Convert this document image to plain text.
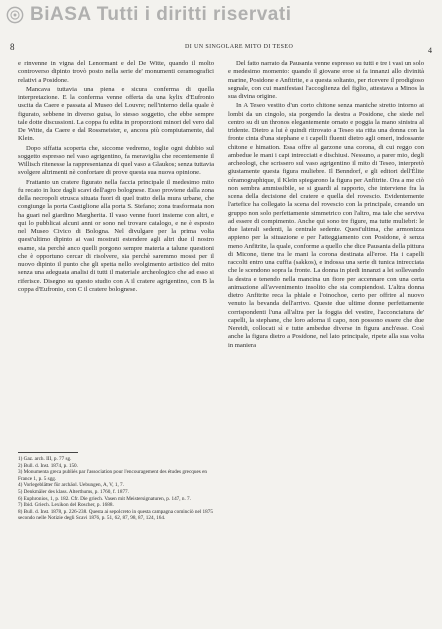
BiASA Tutti i diritti riservati
8	DI UN SINGOLARE MITO DI TESEO	4

e rinvenne in vigna del Lenormant e del De Witte, quando il molto controverso dipinto trovò posto nella serie de' monumenti ceramografici relativi a Posidone.

Mancava tuttavia una piena e sicura conferma di quella interpretazione. E la conferma venne offerta da una kylix d'Eufronio uscita da Caere e passata al Museo del Louvre; nell'interno della quale è figurato, sebbene in diverso guisa, lo stesso soggetto, che ebbe sempre tale dotte discussioni. La coppa fu edita in proporzioni minori del vero dal De Witte, da Caere e dal Rossmeister, e, ancora più compiutamente, dal Klein.

Dopo siffatta scoperta che, siccome vedremo, toglie ogni dubbio sul soggetto espresso nel vaso agrigentino, fa meraviglia che recentemente il Willisch ritenesse la rappresentanza di quel vaso a Glaukos; senza tuttavia svolgere altrimenti nè confortare di prove questa sua nuova opinione.

Frattanto un cratere figurato nella faccia principale il medesimo mito fu recato in luce dagli scavi dell'agro bolognese. Esso proviene dalla zona della necropoli etrusca situata fuori di quel tratto della mura urbane, che congiunge la porta Castiglione alla porta S. Stefano; zona trasformata non ha guari nel giardino Margherita. Il vaso venne fuori insieme con altri, e qui lo pubblicai alcuni anni or sono nel trovare catalogo, e ne è esposto nel Museo Civico di Bologna. Nel divulgare per la prima volta quest'ultimo dipinto ai vasi mostrati estendere agli altri due il nostro esame, sia perchè anco quelli porgono sempre materia a talune questioni che è opportuno cercar di risolvere, sia perchè saremmo mossi per il nuovo dipinto il punto che gli spetta nello svolgimento artistico del mito senza una adeguata analisi di tutti il materiale archeologico che ad esso si riferisce. Disegno su questo studio con A il cratere agrigentino, con B la coppa d'Eufronio, con C il cratere bolognese.

1) Gaz. arch. III, p. 77 sg.
2) Bull. d. Inst. 1874, p. 150.
3) Monumenta greca publiés par l'association pour l'encouragement des études grecques en France 1, p. 5 sgg.
4) Vorlegeblätter für archäol. Uebungen, A, V, 1, 7.
5) Denkmäler des klass. Alterthums, p. 1760, f. 1877.
6) Euphronios, 1, p. 182. Cfr. Die griech. Vasen mit Meistersignaturen, p. 147, n. 7.
7) Ibid. Griech. Lexikon del Roscher, p. 1688.
8) Bull. d. Inst. 1878, p. 226-238. Questa ai sepolcreto in questa campagna cominciò nel 1875 secondo nelle Notizie degli Scavi 1876, p. 51, 62, 87, 98, 87, 124, 164.

Del fatto narrato da Pausania venne espresso su tutti e tre i vasi un solo e medesimo momento: quando il giovane eroe si fa innanzi allo divinità marine, Posidone e Anfitrite, e a questa soltanto, per ricevere il prodigioso segnale, con cui manifestasi l'accoglienza del figlio, attestava a Minos la sua divina origine.

In A Teseo vestito d'un corto chitone senza maniche stretto intorno ai lombi da un cingolo, sta porgendo la destra a Posidone, che siede nel centro su di un thronos elegantemente ornato e poggia la mano sinistra al tridente. Dietro a lui è quindi ritrovato a Teseo sta ritta una donna con la fronte cinta d'una stephane e i capelli fluenti dietro agli omeri, indossante chitone e himation. Essa offre al garzone una corona, di cui reggo con ambedue le mani i capi intrecciati e dischiusi. Nessuno, a parer mio, degli archeologi, che scrissero sul vaso agrigentino il mito di Teseo, interpretò giustamente questa figura muliebre. Il Benndorf, e gli editori dell'Élite céramographique, il Klein spiegarono la figura per Anfitrite. Ora a me ciò non sembra ammissibile, se si guardi al rapporto, che interviene fra la scena della decisione del cratere e quella del rovescio. Evidentemente l'artefice ha collegato la scena del rovescio con la principale, creando un gruppo non solo perfettamente simmetrico con l'altro, ma tale che serviva ad essere di compimento. Anche qui sono tre figure, ma tutte muliebri: le due laterali sedenti, la centrale sedente. Quest'ultima, che armonizza appieno per la situazione e per l'atteggiamento con Posidone, è senza meno Anfitrite, la quale, conforme a quello che dice Pausania della pittura di Micone, tiene tra le mani la corona destinata all'eroe. Ha i capelli raccolti entro una cuffia (sakkos), e indossa una serie di tunica intrecciata che le scendono sopra la fronte. La donna in piedi innanzi a lei sollevando la destra e tenendo nella mancina un fiore per accennare con una certa animazione all'avvenimento insolito che sta compiendosi. L'altra donna dietro Anfitrite reca la phiale e l'oinochoe, certo per offrire al nuovo venuto la bevanda dell'arrivo. Queste due ultime donne perfettamente corrispondenti l'una all'altra per la foggia del vestire, l'acconciatura de' capelli, la stephane, che loro adorna il capo, non possono essere che due Nereidi, collocati sì e tutte ambedue diverse in figura anch'esse. Così anche la figura dietro a Posidone, nel lato principale, ripete alla sua volta in maniera
